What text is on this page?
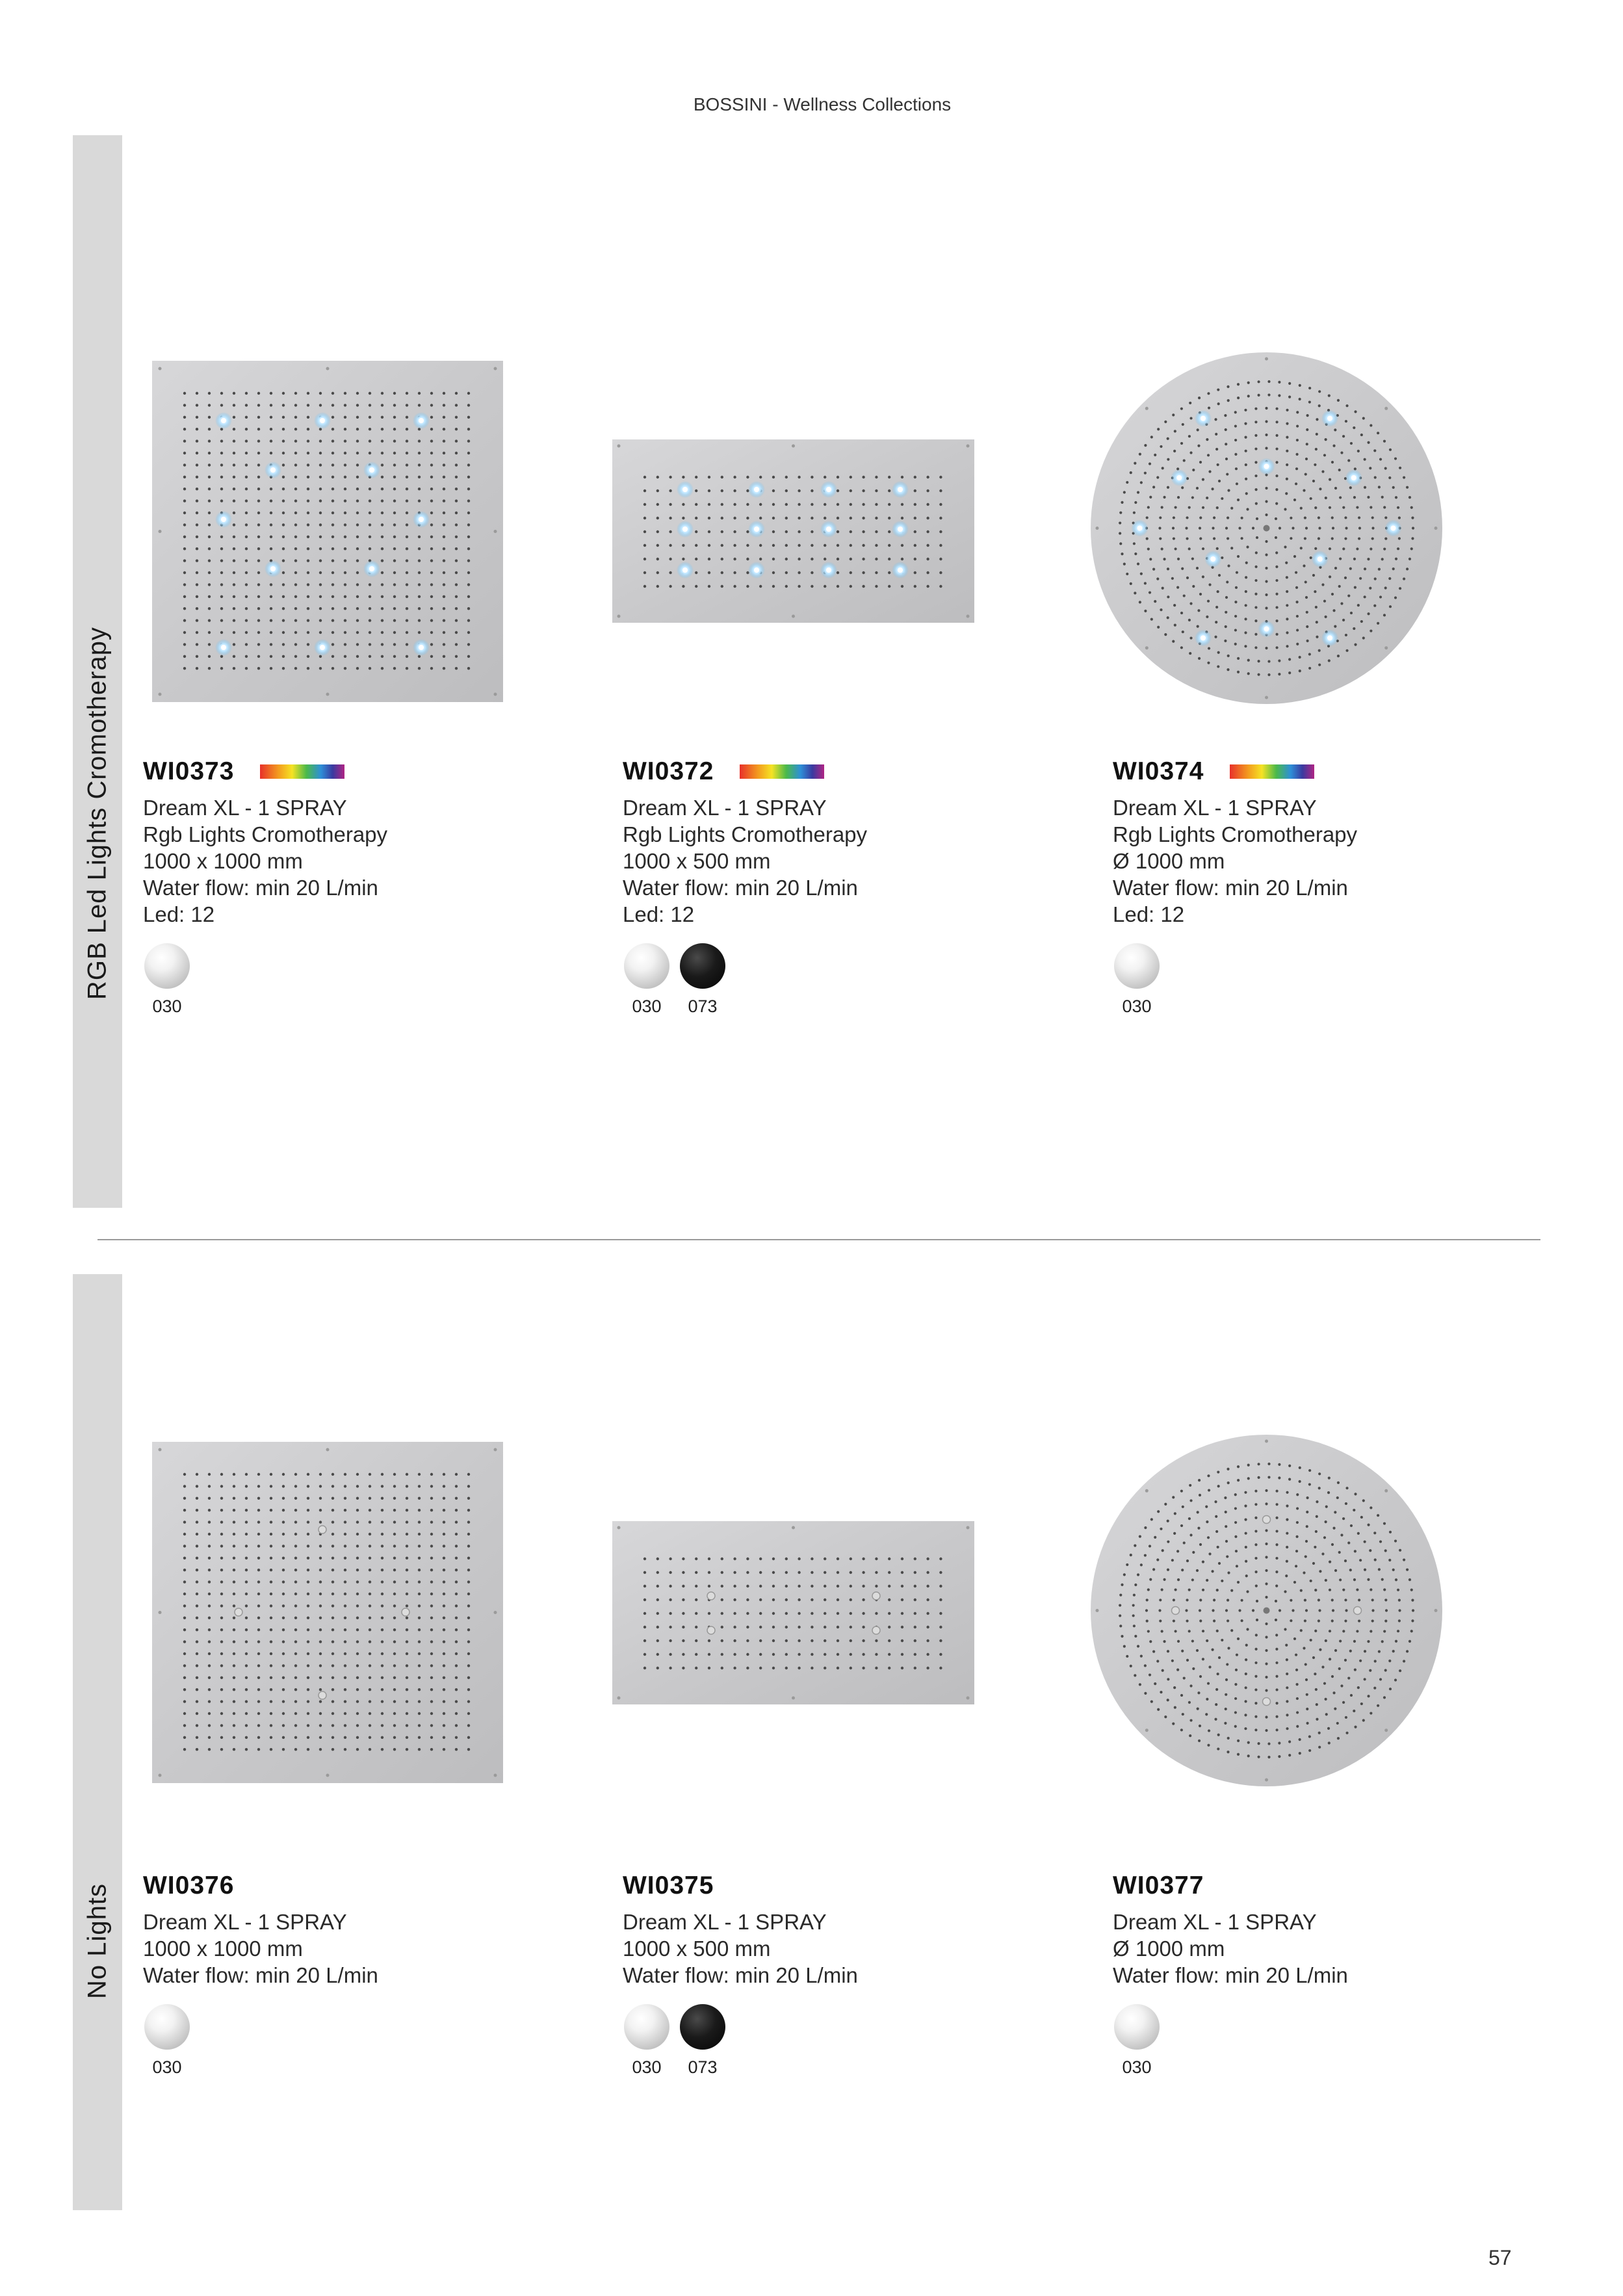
BOSSINI - Wellness Collections
RGB Led Lights Cromotherapy
No Lights
WI0373
Dream XL - 1 SPRAY
Rgb Lights Cromotherapy
1000 x 1000 mm
Water flow: min 20 L/min
Led: 12
030
WI0372
Dream XL - 1 SPRAY
Rgb Lights Cromotherapy
1000 x 500 mm
Water flow: min 20 L/min
Led: 12
030	073
WI0374
Dream XL - 1 SPRAY
Rgb Lights Cromotherapy
Ø 1000 mm
Water flow: min 20 L/min
Led: 12
030
WI0376
Dream XL - 1 SPRAY
1000 x 1000 mm
Water flow: min 20 L/min
030
WI0375
Dream XL - 1 SPRAY
1000 x 500 mm
Water flow: min 20 L/min
030	073
WI0377
Dream XL - 1 SPRAY
Ø 1000 mm
Water flow: min 20 L/min
030
57
